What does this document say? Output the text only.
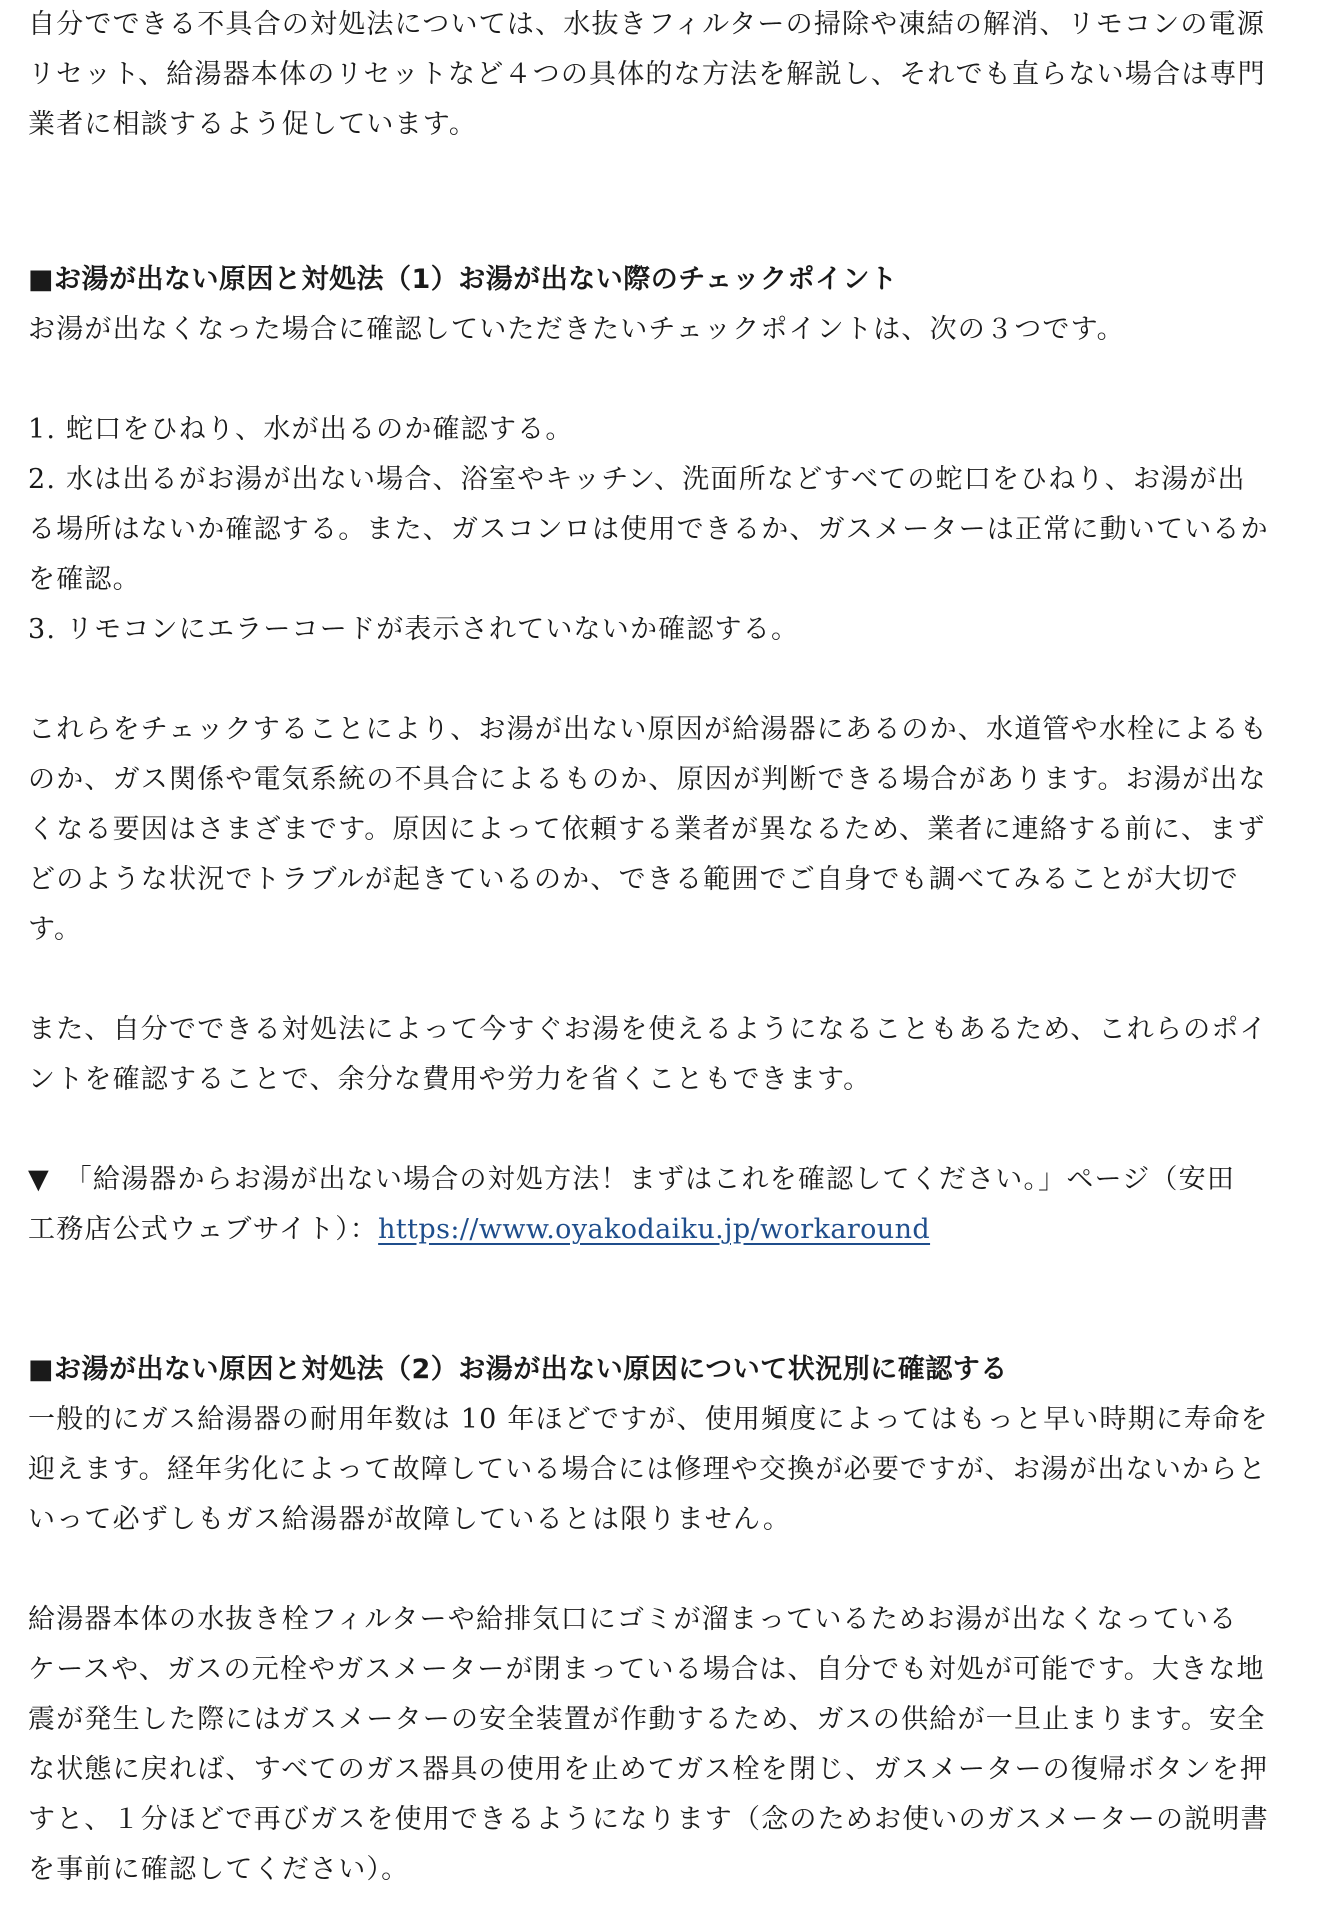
自分でできる不具合の対処法については、水抜きフィルターの掃除や凍結の解消、リモコンの電源

リセット、給湯器本体のリセットなど４つの具体的な方法を解説し、それでも直らない場合は専門

業者に相談するよう促しています。

■お湯が出ない原因と対処法（1）お湯が出ない際のチェックポイント

お湯が出なくなった場合に確認していただきたいチェックポイントは、次の３つです。

1. 蛇口をひねり、水が出るのか確認する。

2. 水は出るがお湯が出ない場合、浴室やキッチン、洗面所などすべての蛇口をひねり、お湯が出

る場所はないか確認する。また、ガスコンロは使用できるか、ガスメーターは正常に動いているか

を確認。

3. リモコンにエラーコードが表示されていないか確認する。

これらをチェックすることにより、お湯が出ない原因が給湯器にあるのか、水道管や水栓によるも

のか、ガス関係や電気系統の不具合によるものか、原因が判断できる場合があります。お湯が出な

くなる要因はさまざまです。原因によって依頼する業者が異なるため、業者に連絡する前に、まず

どのような状況でトラブルが起きているのか、できる範囲でご自身でも調べてみることが大切で

す。

また、自分でできる対処法によって今すぐお湯を使えるようになることもあるため、これらのポイ

ントを確認することで、余分な費用や労力を省くこともできます。

▼　「給湯器からお湯が出ない場合の対処方法！まずはこれを確認してください。」ページ（安田

工務店公式ウェブサイト）：https://www.oyakodaiku.jp/workaround

■お湯が出ない原因と対処法（2）お湯が出ない原因について状況別に確認する

一般的にガス給湯器の耐用年数は 10 年ほどですが、使用頻度によってはもっと早い時期に寿命を

迎えます。経年劣化によって故障している場合には修理や交換が必要ですが、お湯が出ないからと

いって必ずしもガス給湯器が故障しているとは限りません。

給湯器本体の水抜き栓フィルターや給排気口にゴミが溜まっているためお湯が出なくなっている

ケースや、ガスの元栓やガスメーターが閉まっている場合は、自分でも対処が可能です。大きな地

震が発生した際にはガスメーターの安全装置が作動するため、ガスの供給が一旦止まります。安全

な状態に戻れば、すべてのガス器具の使用を止めてガス栓を閉じ、ガスメーターの復帰ボタンを押

すと、１分ほどで再びガスを使用できるようになります（念のためお使いのガスメーターの説明書

を事前に確認してください）。
